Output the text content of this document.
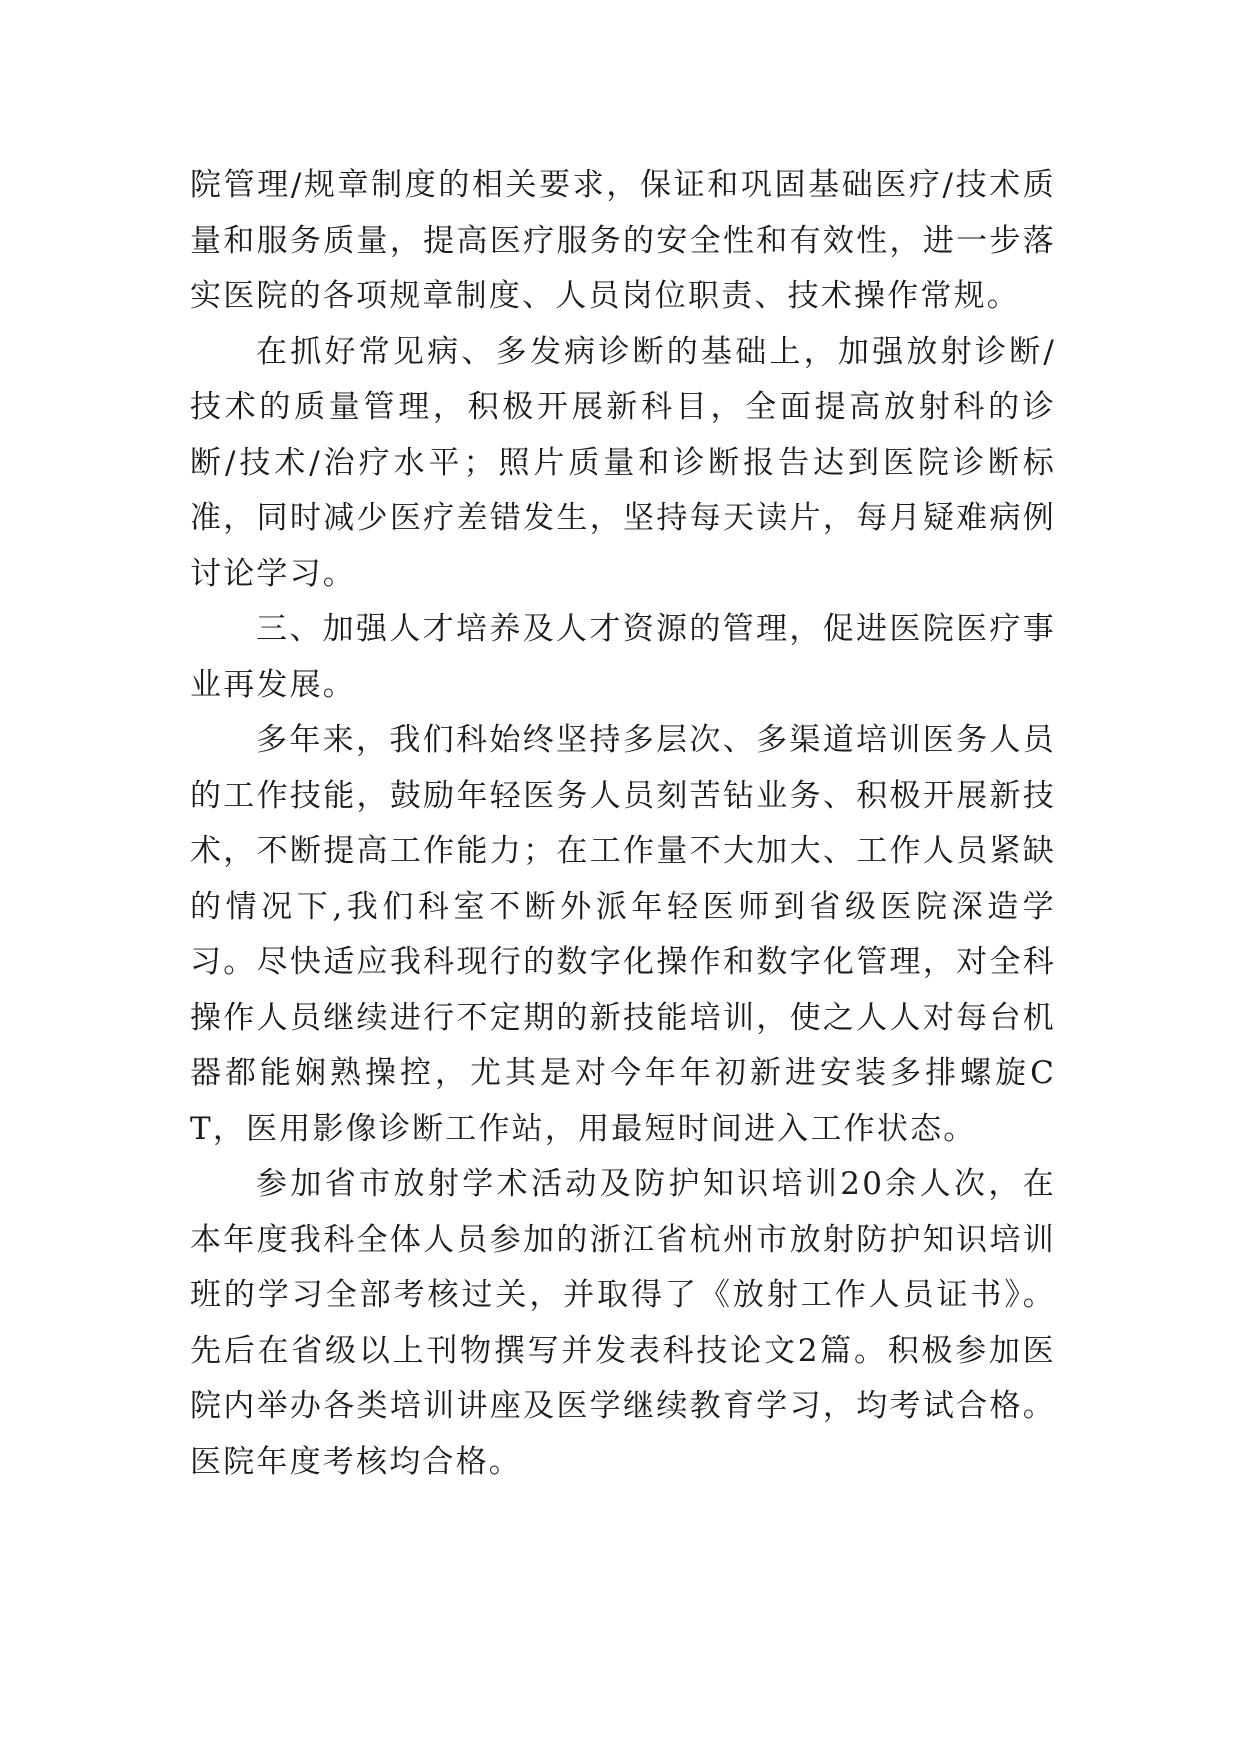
院管理/规章制度的相关要求，保证和巩固基础医疗/技术质量和服务质量，提高医疗服务的安全性和有效性，进一步落实医院的各项规章制度、人员岗位职责、技术操作常规。

在抓好常见病、多发病诊断的基础上，加强放射诊断/技术的质量管理，积极开展新科目，全面提高放射科的诊断/技术/治疗水平；照片质量和诊断报告达到医院诊断标准，同时减少医疗差错发生，坚持每天读片，每月疑难病例讨论学习。

三、加强人才培养及人才资源的管理，促进医院医疗事业再发展。

多年来，我们科始终坚持多层次、多渠道培训医务人员的工作技能，鼓励年轻医务人员刻苦钻业务、积极开展新技术，不断提高工作能力；在工作量不大加大、工作人员紧缺的情况下,我们科室不断外派年轻医师到省级医院深造学习。尽快适应我科现行的数字化操作和数字化管理，对全科操作人员继续进行不定期的新技能培训，使之人人对每台机器都能娴熟操控，尤其是对今年年初新进安装多排螺旋CT，医用影像诊断工作站，用最短时间进入工作状态。

参加省市放射学术活动及防护知识培训20余人次，在本年度我科全体人员参加的浙江省杭州市放射防护知识培训班的学习全部考核过关，并取得了《放射工作人员证书》。先后在省级以上刊物撰写并发表科技论文2篇。积极参加医院内举办各类培训讲座及医学继续教育学习，均考试合格。医院年度考核均合格。
